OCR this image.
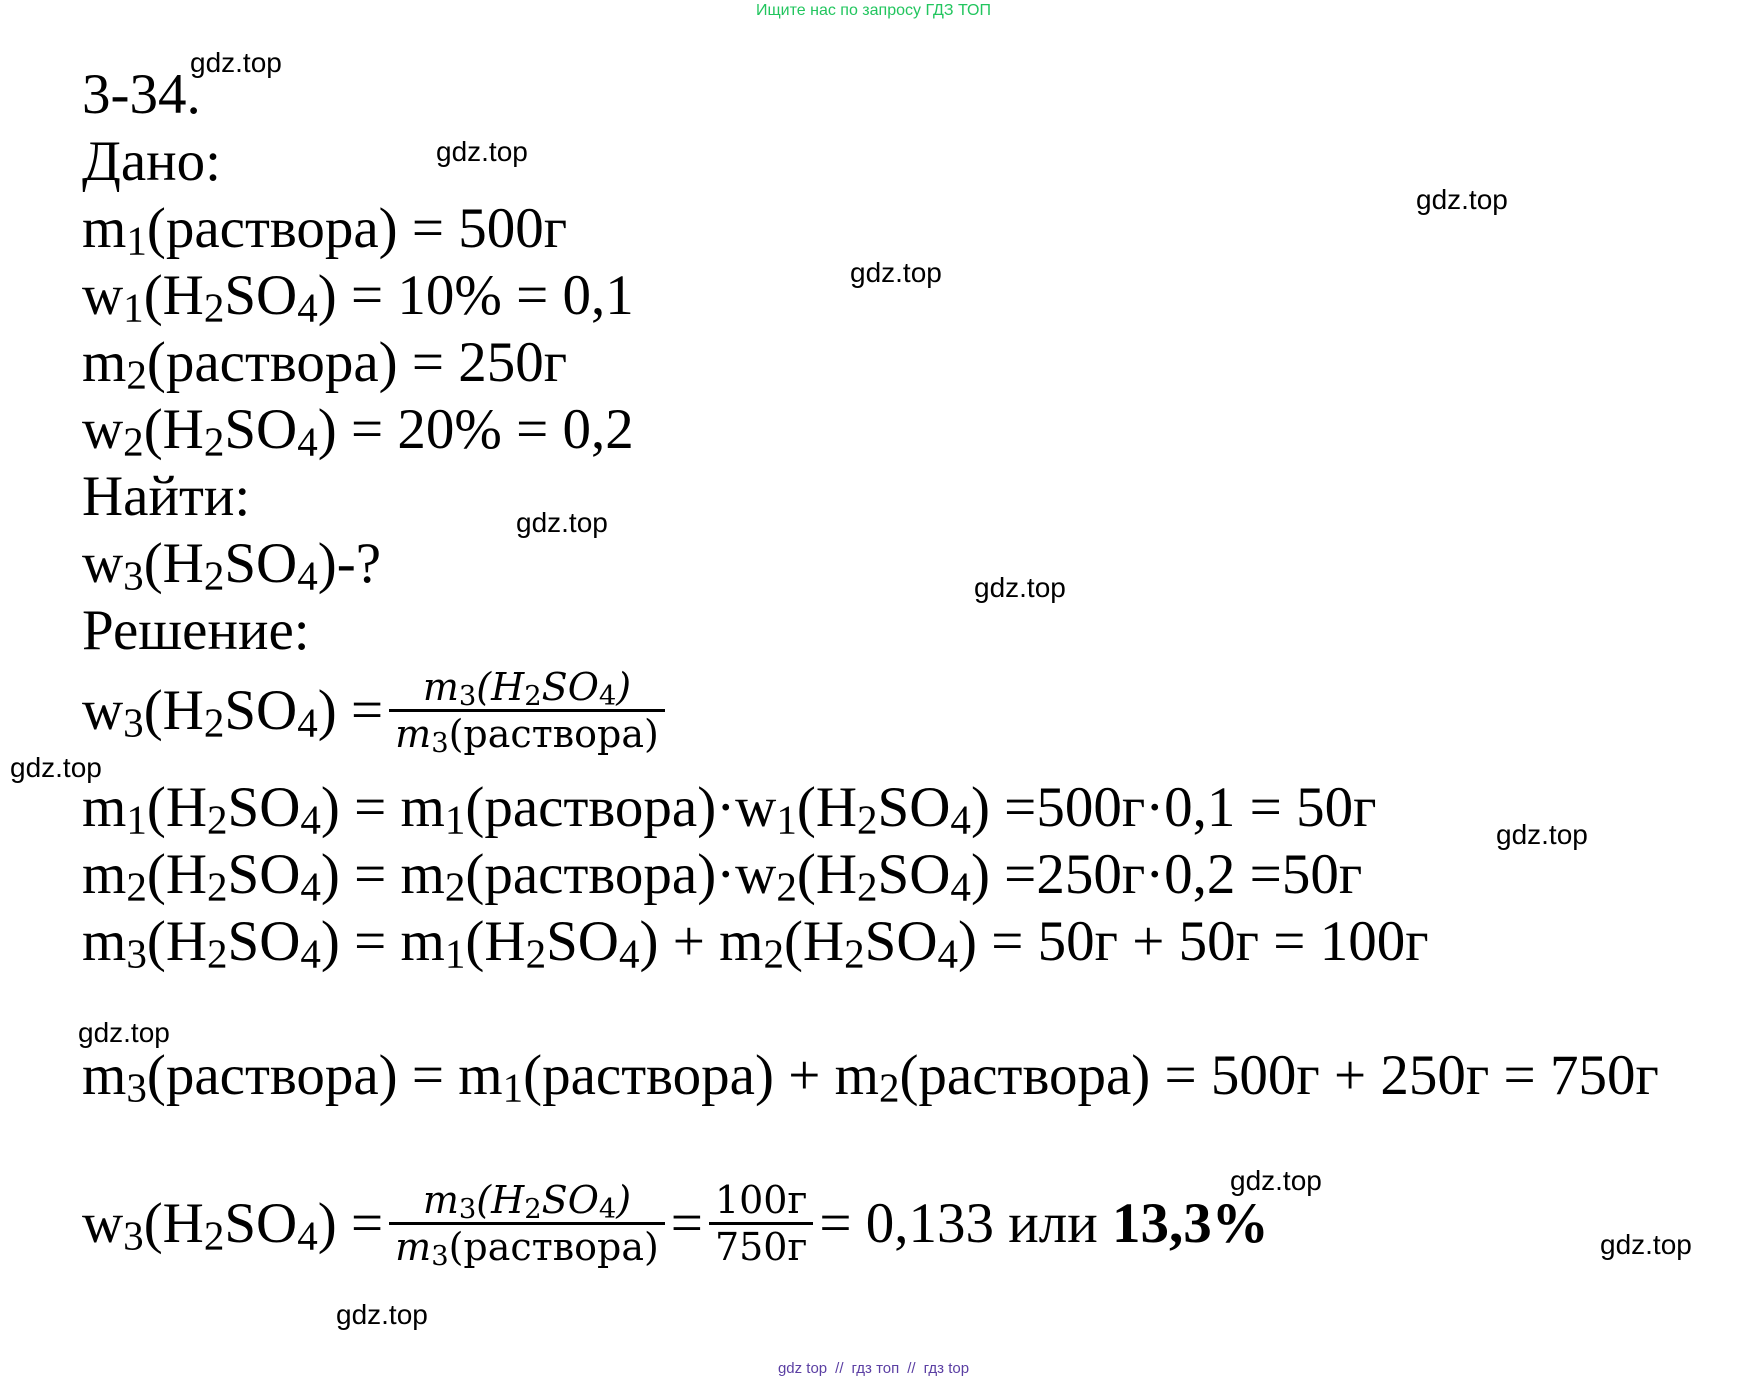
Ищите нас по запросу ГДЗ ТОП
gdz.top
gdz.top
gdz.top
gdz.top
gdz.top
gdz.top
gdz.top
gdz.top
gdz.top
gdz.top
gdz.top
gdz.top
3-34.
Дано:
$m_1(раствора) = 500г$
$w_1(H_2SO_4) = 10\% = 0,1$
$m_2(раствора) = 250г$
$w_2(H_2SO_4) = 20\% = 0,2$
Найти:
$w_3(H_2SO_4)-$?
Решение:
$w_3(H_2SO_4) = \frac{m_3(H_2SO_4)}{m_3(раствора)}$
$m_1(H_2SO_4)$ = $m_1(раствора)\cdot w_1(H_2SO_4) =500г\cdot 0,1 = 50г$
$m_2(H_2SO_4)$ = $m_2(раствора)\cdot w_2(H_2SO_4) =250г\cdot 0,2 =50г$
$m_3(H_2SO_4) = m_1(H_2SO_4) + m_2(H_2SO_4) = 50г + 50г = 100г$
$m_3(раствора)$ = $m_1(раствора)$ + $m_2(раствора) = 500г + 250г = 750г$
$w_3(H_2SO_4) = \frac{m_3(H_2SO_4)}{m_3(раствора)} = \frac{100г}{750г} = 0,133$ или 13,3%
gdz top // гдз топ // гдз top
